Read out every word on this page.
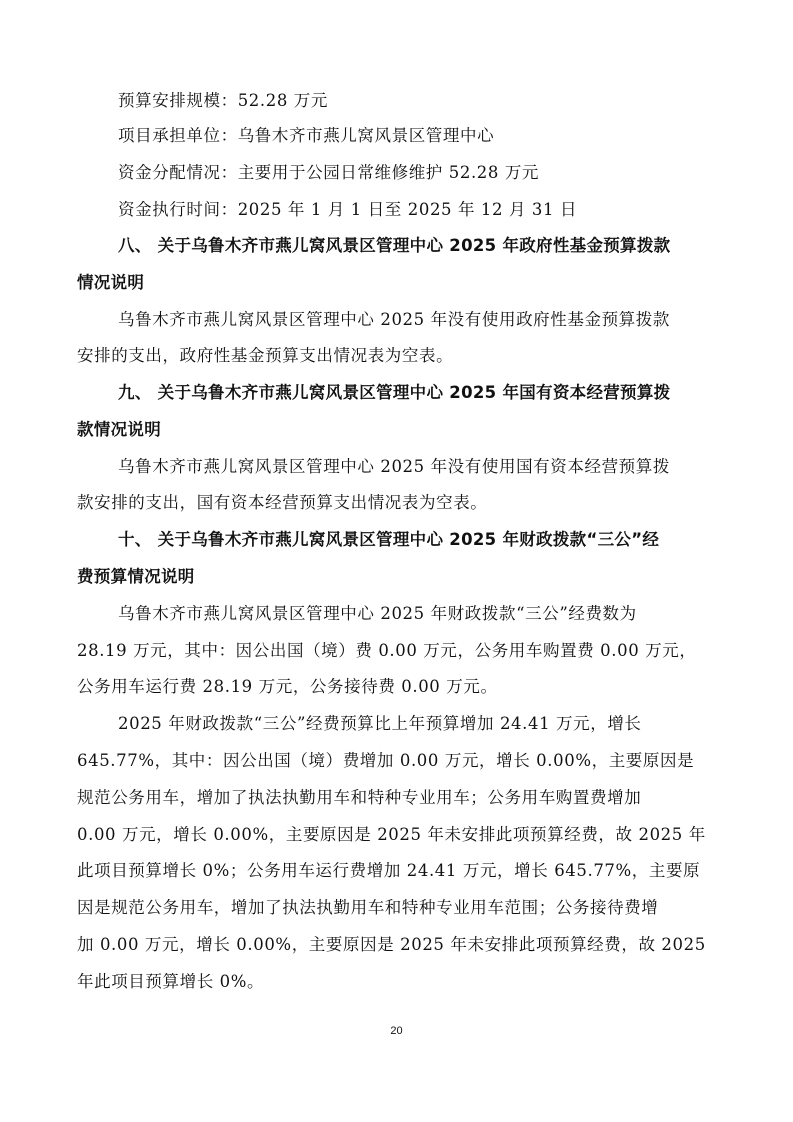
预算安排规模：52.28 万元
项目承担单位：乌鲁木齐市燕儿窝风景区管理中心
资金分配情况：主要用于公园日常维修维护 52.28 万元
资金执行时间：2025 年 1 月 1 日至 2025 年 12 月 31 日
八、 关于乌鲁木齐市燕儿窝风景区管理中心 2025 年政府性基金预算拨款
情况说明
乌鲁木齐市燕儿窝风景区管理中心 2025 年没有使用政府性基金预算拨款
安排的支出，政府性基金预算支出情况表为空表。
九、 关于乌鲁木齐市燕儿窝风景区管理中心 2025 年国有资本经营预算拨
款情况说明
乌鲁木齐市燕儿窝风景区管理中心 2025 年没有使用国有资本经营预算拨
款安排的支出，国有资本经营预算支出情况表为空表。
十、 关于乌鲁木齐市燕儿窝风景区管理中心 2025 年财政拨款“三公”经
费预算情况说明
乌鲁木齐市燕儿窝风景区管理中心 2025 年财政拨款“三公”经费数为
28.19 万元，其中：因公出国（境）费 0.00 万元，公务用车购置费 0.00 万元，
公务用车运行费 28.19 万元，公务接待费 0.00 万元。
2025 年财政拨款“三公”经费预算比上年预算增加 24.41 万元，增长
645.77%，其中：因公出国（境）费增加 0.00 万元，增长 0.00%，主要原因是
规范公务用车，增加了执法执勤用车和特种专业用车；公务用车购置费增加
0.00 万元，增长 0.00%，主要原因是 2025 年未安排此项预算经费，故 2025 年
此项目预算增长 0%；公务用车运行费增加 24.41 万元，增长 645.77%，主要原
因是规范公务用车，增加了执法执勤用车和特种专业用车范围；公务接待费增
加 0.00 万元，增长 0.00%，主要原因是 2025 年未安排此项预算经费，故 2025
年此项目预算增长 0%。
20
